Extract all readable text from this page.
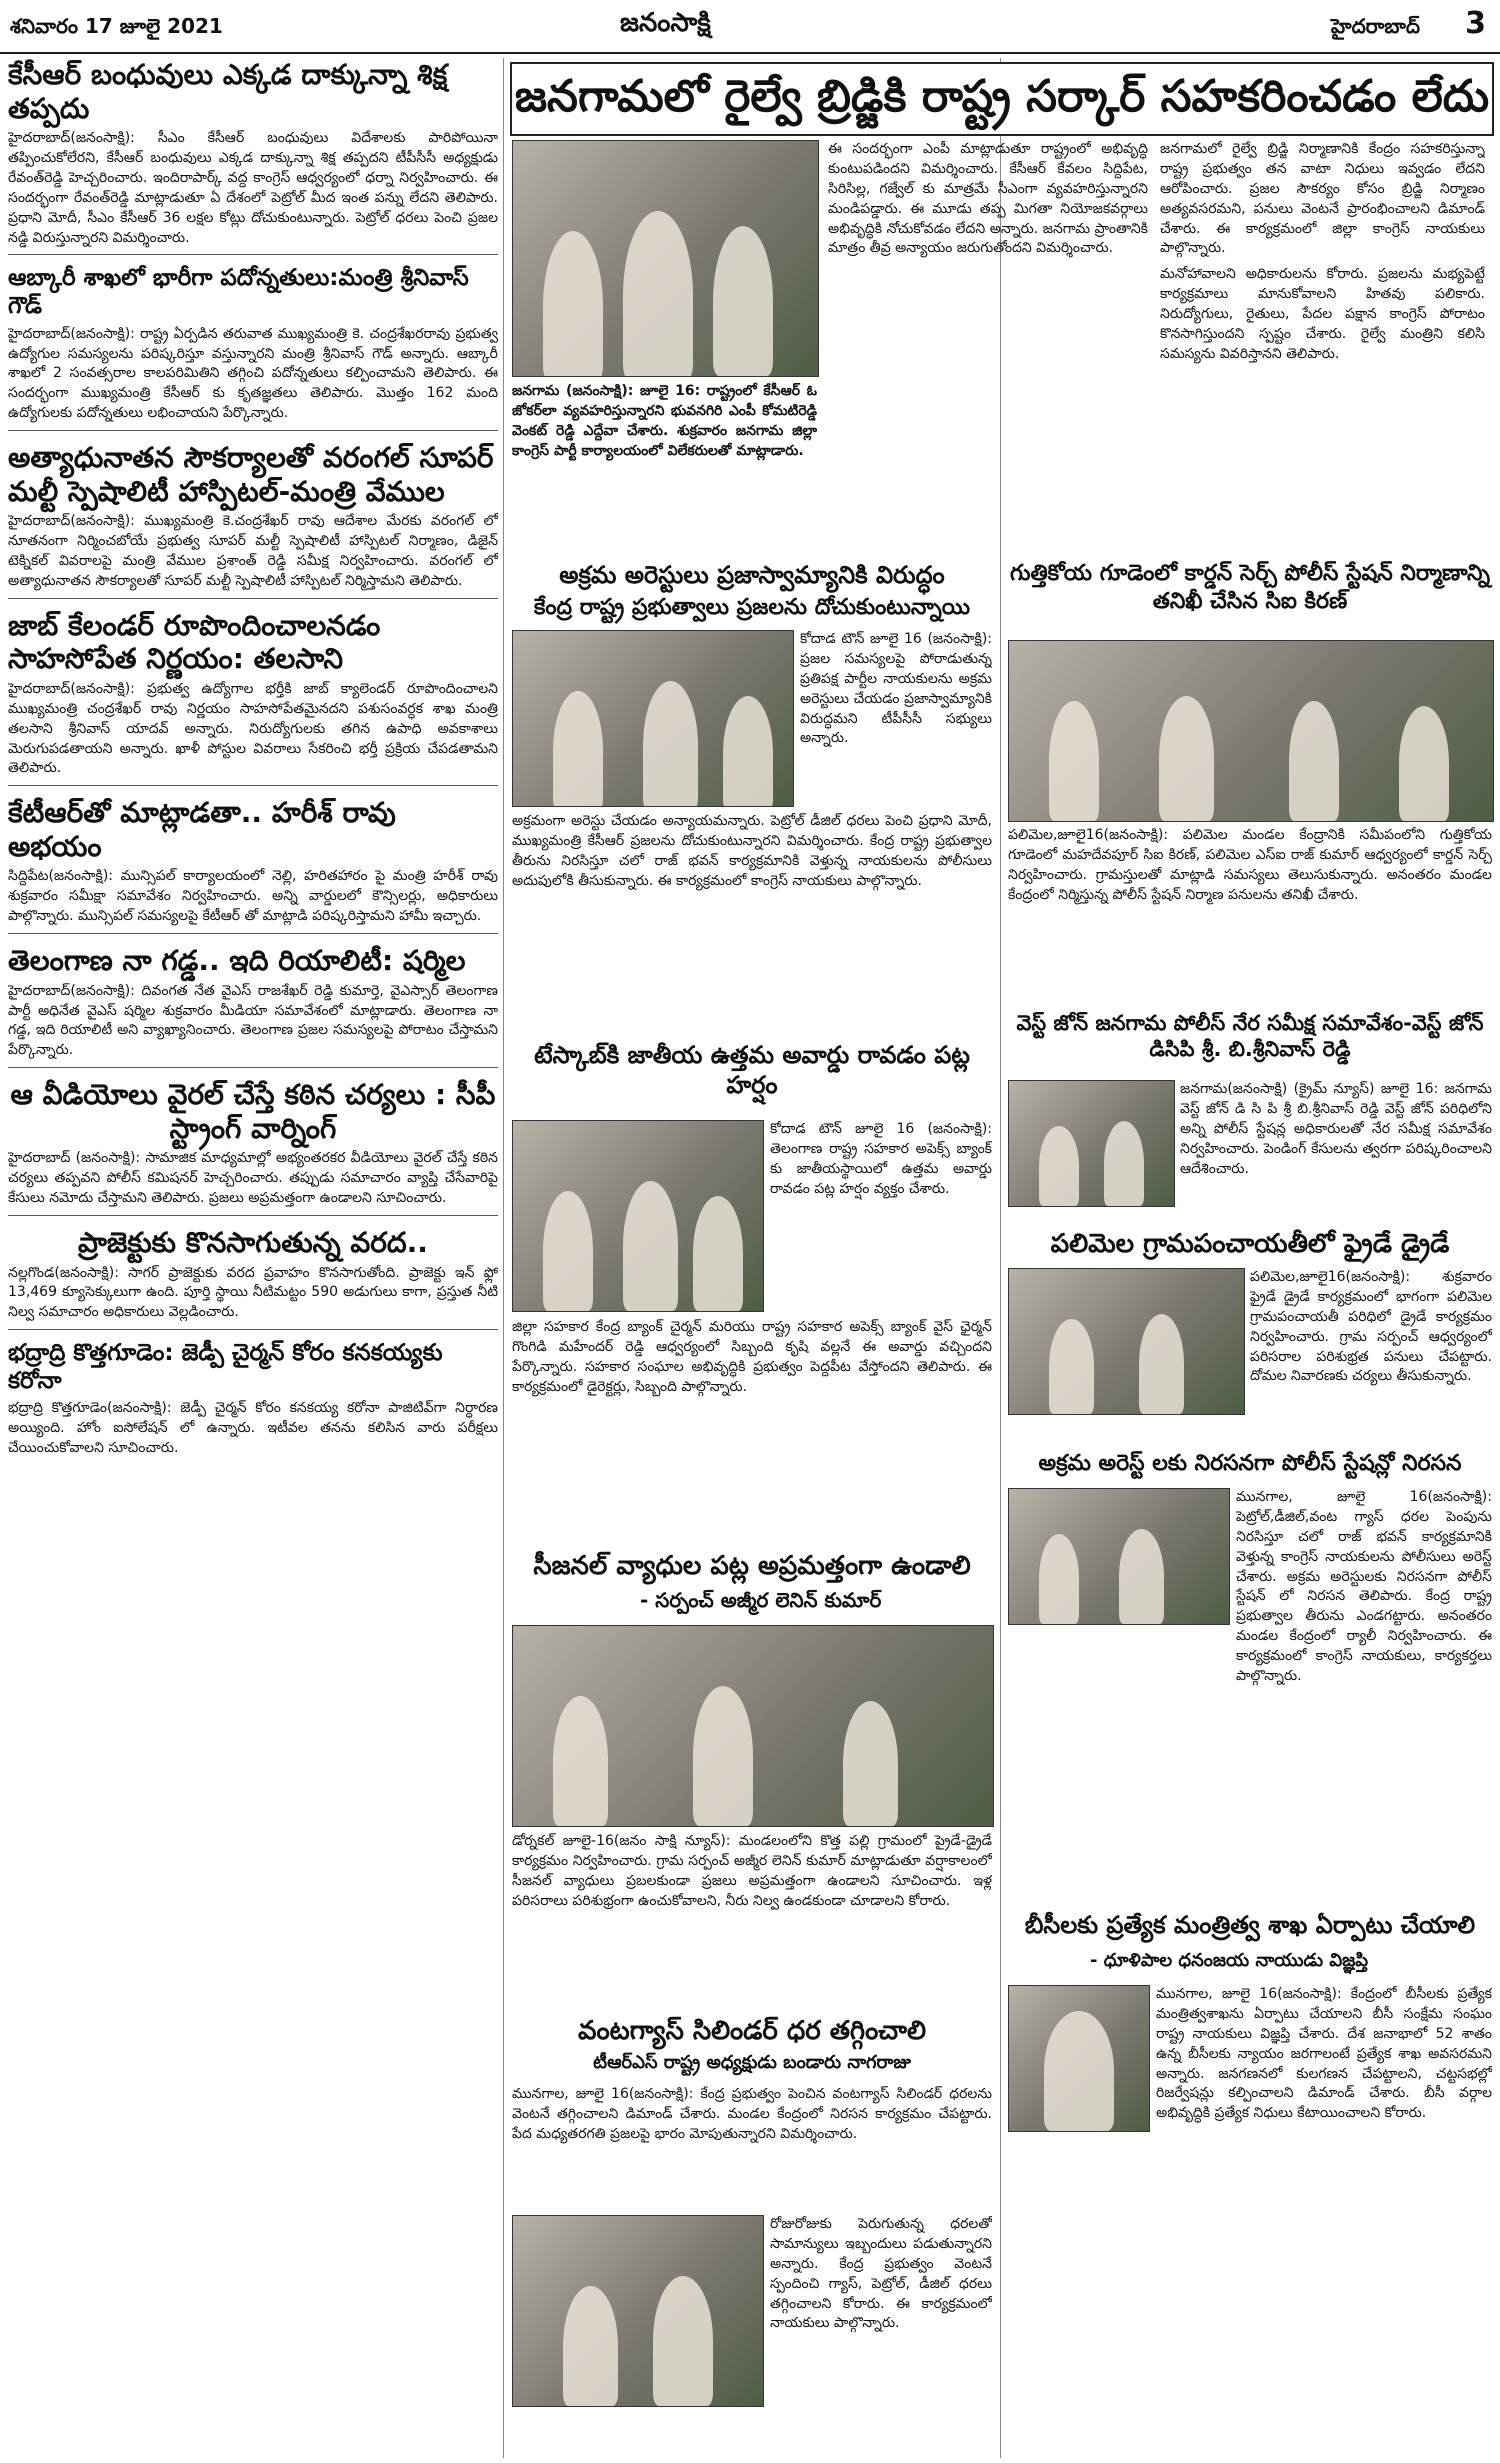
శనివారం 17 జూలై 2021	జనంసాక్షి	హైదరాబాద్ 3
కేసీఆర్ బంధువులు ఎక్కడ దాక్కున్నా శిక్ష తప్పదు

హైదరాబాద్(జనంసాక్షి): సీఎం కేసీఆర్ బంధువులు విదేశాలకు పారిపోయినా తప్పించుకోలేరని, కేసీఆర్ బంధువులు ఎక్కడ దాక్కున్నా శిక్ష తప్పదని టీపీసీసీ అధ్యక్షుడు రేవంత్‌రెడ్డి హెచ్చరించారు. ఇందిరాపార్క్ వద్ద కాంగ్రెస్ ఆధ్వర్యంలో ధర్నా నిర్వహించారు. ఈ సందర్భంగా రేవంత్‌రెడ్డి మాట్లాడుతూ ఏ దేశంలో పెట్రోల్ మీద ఇంత పన్ను లేదని తెలిపారు. ప్రధాని మోదీ, సీఎం కేసీఆర్ 36 లక్షల కోట్లు దోచుకుంటున్నారు. పెట్రోల్ ధరలు పెంచి ప్రజల నడ్డి విరుస్తున్నారని విమర్శించారు.

ఆబ్కారీ శాఖలో భారీగా పదోన్నతులు:మంత్రి శ్రీనివాస్ గౌడ్

హైదరాబాద్(జనంసాక్షి): రాష్ట్ర ఏర్పడిన తరువాత ముఖ్యమంత్రి కె. చంద్రశేఖరరావు ప్రభుత్వ ఉద్యోగుల సమస్యలను పరిష్కరిస్తూ వస్తున్నారని మంత్రి శ్రీనివాస్ గౌడ్ అన్నారు. ఆబ్కారీ శాఖలో 2 సంవత్సరాల కాలపరిమితిని తగ్గించి పదోన్నతులు కల్పించామని తెలిపారు. ఈ సందర్భంగా ముఖ్యమంత్రి కేసీఆర్ కు కృతజ్ఞతలు తెలిపారు. మొత్తం 162 మంది ఉద్యోగులకు పదోన్నతులు లభించాయని పేర్కొన్నారు.

అత్యాధునాతన సౌకర్యాలతో వరంగల్ సూపర్ మల్టీ స్పెషాలిటీ హాస్పిటల్-మంత్రి వేముల

హైదరాబాద్(జనంసాక్షి): ముఖ్యమంత్రి కె.చంద్రశేఖర్ రావు ఆదేశాల మేరకు వరంగల్ లో నూతనంగా నిర్మించబోయే ప్రభుత్వ సూపర్ మల్టీ స్పెషాలిటీ హాస్పిటల్ నిర్మాణం, డిజైన్ టెక్నికల్ వివరాలపై మంత్రి వేముల ప్రశాంత్ రెడ్డి సమీక్ష నిర్వహించారు. వరంగల్ లో అత్యాధునాతన సౌకర్యాలతో సూపర్ మల్టీ స్పెషాలిటీ హాస్పిటల్ నిర్మిస్తామని తెలిపారు.

జాబ్ కేలండర్ రూపొందించాలనడం సాహసోపేత నిర్ణయం: తలసాని

హైదరాబాద్(జనంసాక్షి): ప్రభుత్వ ఉద్యోగాల భర్తీకి జాబ్ క్యాలెండర్ రూపొందించాలని ముఖ్యమంత్రి చంద్రశేఖర్ రావు నిర్ణయం సాహసోపేతమైనదని పశుసంవర్ధక శాఖ మంత్రి తలసాని శ్రీనివాస్ యాదవ్ అన్నారు. నిరుద్యోగులకు తగిన ఉపాధి అవకాశాలు మెరుగుపడతాయని అన్నారు. ఖాళీ పోస్టుల వివరాలు సేకరించి భర్తీ ప్రక్రియ చేపడతామని తెలిపారు.

కేటీఆర్‌తో మాట్లాడతా.. హరీశ్ రావు అభయం

సిద్దిపేట(జనంసాక్షి): మున్సిపల్ కార్యాలయంలో నెల్లి, హరితహారం పై మంత్రి హరీశ్ రావు శుక్రవారం సమీక్షా సమావేశం నిర్వహించారు. అన్ని వార్డులలో కౌన్సిలర్లు, అధికారులు పాల్గొన్నారు. మున్సిపల్ సమస్యలపై కేటీఆర్ తో మాట్లాడి పరిష్కరిస్తామని హామీ ఇచ్చారు.

తెలంగాణ నా గడ్డ.. ఇది రియాలిటీ: షర్మిల

హైదరాబాద్(జనంసాక్షి): దివంగత నేత వైఎస్ రాజశేఖర్ రెడ్డి కుమార్తె, వైఎస్సార్ తెలంగాణ పార్టీ అధినేత వైఎస్ షర్మిల శుక్రవారం మీడియా సమావేశంలో మాట్లాడారు. తెలంగాణ నా గడ్డ, ఇది రియాలిటీ అని వ్యాఖ్యానించారు. తెలంగాణ ప్రజల సమస్యలపై పోరాటం చేస్తామని పేర్కొన్నారు.

ఆ వీడియోలు వైరల్ చేస్తే కఠిన చర్యలు : సీపీ స్ట్రాంగ్ వార్నింగ్

హైదరాబాద్ (జనంసాక్షి): సామాజిక మాధ్యమాల్లో అభ్యంతరకర వీడియోలు వైరల్ చేస్తే కఠిన చర్యలు తప్పవని పోలీస్ కమిషనర్ హెచ్చరించారు. తప్పుడు సమాచారం వ్యాప్తి చేసేవారిపై కేసులు నమోదు చేస్తామని తెలిపారు. ప్రజలు అప్రమత్తంగా ఉండాలని సూచించారు.

ప్రాజెక్టుకు కొనసాగుతున్న వరద..

నల్లగొండ(జనంసాక్షి): సాగర్ ప్రాజెక్టుకు వరద ప్రవాహం కొనసాగుతోంది. ప్రాజెక్టు ఇన్ ఫ్లో 13,469 క్యూసెక్కులుగా ఉంది. పూర్తి స్థాయి నీటిమట్టం 590 అడుగులు కాగా, ప్రస్తుత నీటి నిల్వ సమాచారం అధికారులు వెల్లడించారు.

భద్రాద్రి కొత్తగూడెం: జెడ్పీ చైర్మన్ కోరం కనకయ్యకు కరోనా

భద్రాద్రి కొత్తగూడెం(జనంసాక్షి): జెడ్పీ చైర్మన్ కోరం కనకయ్య కరోనా పాజిటివ్‌గా నిర్ధారణ అయ్యింది. హోం ఐసోలేషన్ లో ఉన్నారు. ఇటీవల తనను కలిసిన వారు పరీక్షలు చేయించుకోవాలని సూచించారు.

జనగామలో రైల్వే బ్రిడ్జికి రాష్ట్ర సర్కార్ సహకరించడం లేదు

జనగామ (జనంసాక్షి): జూలై 16: రాష్ట్రంలో కేసీఆర్ ఓ జోకర్‌లా వ్యవహరిస్తున్నారని భువనగిరి ఎంపీ కోమటిరెడ్డి వెంకట్ రెడ్డి ఎద్దేవా చేశారు. శుక్రవారం జనగామ జిల్లా కాంగ్రెస్ పార్టీ కార్యాలయంలో విలేకరులతో మాట్లాడారు.

ఈ సందర్భంగా ఎంపీ మాట్లాడుతూ రాష్ట్రంలో అభివృద్ధి కుంటుపడిందని విమర్శించారు. కేసీఆర్ కేవలం సిద్దిపేట, సిరిసిల్ల, గజ్వేల్ కు మాత్రమే సీఎంగా వ్యవహరిస్తున్నారని మండిపడ్డారు. ఈ మూడు తప్ప మిగతా నియోజకవర్గాలు అభివృద్ధికి నోచుకోవడం లేదని అన్నారు. జనగామ ప్రాంతానికి మాత్రం తీవ్ర అన్యాయం జరుగుతోందని విమర్శించారు.

జనగామలో రైల్వే బ్రిడ్జి నిర్మాణానికి కేంద్రం సహకరిస్తున్నా రాష్ట్ర ప్రభుత్వం తన వాటా నిధులు ఇవ్వడం లేదని ఆరోపించారు. ప్రజల సౌకర్యం కోసం బ్రిడ్జి నిర్మాణం అత్యవసరమని, పనులు వెంటనే ప్రారంభించాలని డిమాండ్ చేశారు. ఈ కార్యక్రమంలో జిల్లా కాంగ్రెస్ నాయకులు పాల్గొన్నారు.

మనోహావాలని అధికారులను కోరారు. ప్రజలను మభ్యపెట్టే కార్యక్రమాలు మానుకోవాలని హితవు పలికారు. నిరుద్యోగులు, రైతులు, పేదల పక్షాన కాంగ్రెస్ పోరాటం కొనసాగిస్తుందని స్పష్టం చేశారు. రైల్వే మంత్రిని కలిసి సమస్యను వివరిస్తానని తెలిపారు.

అక్రమ అరెస్టులు ప్రజాస్వామ్యానికి విరుద్ధం
కేంద్ర రాష్ట్ర ప్రభుత్వాలు ప్రజలను దోచుకుంటున్నాయి

కోదాడ టౌన్ జూలై 16 (జనంసాక్షి): ప్రజల సమస్యలపై పోరాడుతున్న ప్రతిపక్ష పార్టీల నాయకులను అక్రమ అరెస్టులు చేయడం ప్రజాస్వామ్యానికి విరుద్ధమని టీపీసీసీ సభ్యులు అన్నారు.

అక్రమంగా అరెస్టు చేయడం అన్యాయమన్నారు. పెట్రోల్ డీజిల్ ధరలు పెంచి ప్రధాని మోదీ, ముఖ్యమంత్రి కేసీఆర్ ప్రజలను దోచుకుంటున్నారని విమర్శించారు. కేంద్ర రాష్ట్ర ప్రభుత్వాల తీరును నిరసిస్తూ చలో రాజ్ భవన్ కార్యక్రమానికి వెళ్తున్న నాయకులను పోలీసులు అదుపులోకి తీసుకున్నారు. ఈ కార్యక్రమంలో కాంగ్రెస్ నాయకులు పాల్గొన్నారు.

టేస్కాబ్‌కి జాతీయ ఉత్తమ అవార్డు రావడం పట్ల హర్షం

కోదాడ టౌన్ జూలై 16 (జనంసాక్షి): తెలంగాణ రాష్ట్ర సహకార అపెక్స్ బ్యాంక్ కు జాతీయస్థాయిలో ఉత్తమ అవార్డు రావడం పట్ల హర్షం వ్యక్తం చేశారు.

జిల్లా సహకార కేంద్ర బ్యాంక్ చైర్మన్ మరియు రాష్ట్ర సహకార అపెక్స్ బ్యాంక్ వైస్ ఛైర్మన్ గొంగిడి మహేందర్ రెడ్డి ఆధ్వర్యంలో సిబ్బంది కృషి వల్లనే ఈ అవార్డు వచ్చిందని పేర్కొన్నారు. సహకార సంఘాల అభివృద్ధికి ప్రభుత్వం పెద్దపీట వేస్తోందని తెలిపారు. ఈ కార్యక్రమంలో డైరెక్టర్లు, సిబ్బంది పాల్గొన్నారు.

సీజనల్ వ్యాధుల పట్ల అప్రమత్తంగా ఉండాలి
- సర్పంచ్ అజ్మీర లెనిన్ కుమార్

డోర్నకల్ జూలై-16(జనం సాక్షి న్యూస్): మండలంలోని కొత్త పల్లి గ్రామంలో ప్రైడే-డ్రైడే కార్యక్రమం నిర్వహించారు. గ్రామ సర్పంచ్ అజ్మీర లెనిన్ కుమార్ మాట్లాడుతూ వర్షాకాలంలో సీజనల్ వ్యాధులు ప్రబలకుండా ప్రజలు అప్రమత్తంగా ఉండాలని సూచించారు. ఇళ్ల పరిసరాలు పరిశుభ్రంగా ఉంచుకోవాలని, నీరు నిల్వ ఉండకుండా చూడాలని కోరారు.

వంటగ్యాస్ సిలిండర్ ధర తగ్గించాలి
టీఆర్‌ఎస్ రాష్ట్ర అధ్యక్షుడు బండారు నాగరాజు

మునగాల, జూలై 16(జనంసాక్షి): కేంద్ర ప్రభుత్వం పెంచిన వంటగ్యాస్ సిలిండర్ ధరలను వెంటనే తగ్గించాలని డిమాండ్ చేశారు. మండల కేంద్రంలో నిరసన కార్యక్రమం చేపట్టారు. పేద మధ్యతరగతి ప్రజలపై భారం మోపుతున్నారని విమర్శించారు.

రోజురోజుకు పెరుగుతున్న ధరలతో సామాన్యులు ఇబ్బందులు పడుతున్నారని అన్నారు. కేంద్ర ప్రభుత్వం వెంటనే స్పందించి గ్యాస్, పెట్రోల్, డీజిల్ ధరలు తగ్గించాలని కోరారు. ఈ కార్యక్రమంలో నాయకులు పాల్గొన్నారు.

గుత్తికోయ గూడెంలో కార్డన్ సెర్చ్ పోలీస్ స్టేషన్ నిర్మాణాన్ని తనిఖీ చేసిన సిఐ కిరణ్

పలిమెల,జూలై16(జనంసాక్షి): పలిమెల మండల కేంద్రానికి సమీపంలోని గుత్తికోయ గూడెంలో మహదేవపూర్ సిఐ కిరణ్, పలిమెల ఎస్ఐ రాజ్ కుమార్ ఆధ్వర్యంలో కార్డన్ సెర్చ్ నిర్వహించారు. గ్రామస్తులతో మాట్లాడి సమస్యలు తెలుసుకున్నారు. అనంతరం మండల కేంద్రంలో నిర్మిస్తున్న పోలీస్ స్టేషన్ నిర్మాణ పనులను తనిఖీ చేశారు.

వెస్ట్ జోన్ జనగామ పోలీస్ నేర సమీక్ష సమావేశం-వెస్ట్ జోన్ డిసిపి శ్రీ. బి.శ్రీనివాస్ రెడ్డి

జనగామ(జనంసాక్షి) (క్రైమ్ న్యూస్) జూలై 16: జనగామ వెస్ట్ జోన్ డి సి పి శ్రీ బి.శ్రీనివాస్ రెడ్డి వెస్ట్ జోన్ పరిధిలోని అన్ని పోలీస్ స్టేషన్ల అధికారులతో నేర సమీక్ష సమావేశం నిర్వహించారు. పెండింగ్ కేసులను త్వరగా పరిష్కరించాలని ఆదేశించారు.

పలిమెల గ్రామపంచాయతీలో ఫ్రైడే డ్రైడే

పలిమెల,జూలై16(జనంసాక్షి): శుక్రవారం ఫ్రైడే డ్రైడే కార్యక్రమంలో భాగంగా పలిమెల గ్రామపంచాయతీ పరిధిలో డ్రైడే కార్యక్రమం నిర్వహించారు. గ్రామ సర్పంచ్ ఆధ్వర్యంలో పరిసరాల పరిశుభ్రత పనులు చేపట్టారు. దోమల నివారణకు చర్యలు తీసుకున్నారు.

అక్రమ అరెస్ట్ లకు నిరసనగా పోలీస్ స్టేషన్లో నిరసన

మునగాల, జూలై 16(జనంసాక్షి): పెట్రోల్,డీజిల్,వంట గ్యాస్ ధరల పెంపును నిరసిస్తూ చలో రాజ్ భవన్ కార్యక్రమానికి వెళ్తున్న కాంగ్రెస్ నాయకులను పోలీసులు అరెస్ట్ చేశారు. అక్రమ అరెస్టులకు నిరసనగా పోలీస్ స్టేషన్ లో నిరసన తెలిపారు. కేంద్ర రాష్ట్ర ప్రభుత్వాల తీరును ఎండగట్టారు. అనంతరం మండల కేంద్రంలో ర్యాలీ నిర్వహించారు. ఈ కార్యక్రమంలో కాంగ్రెస్ నాయకులు, కార్యకర్తలు పాల్గొన్నారు.

బీసీలకు ప్రత్యేక మంత్రిత్వ శాఖ ఏర్పాటు చేయాలి
- ధూళిపాల ధనంజయ నాయుడు విజ్ఞప్తి

మునగాల, జూలై 16(జనంసాక్షి): కేంద్రంలో బీసీలకు ప్రత్యేక మంత్రిత్వశాఖను ఏర్పాటు చేయాలని బీసీ సంక్షేమ సంఘం రాష్ట్ర నాయకులు విజ్ఞప్తి చేశారు. దేశ జనాభాలో 52 శాతం ఉన్న బీసీలకు న్యాయం జరగాలంటే ప్రత్యేక శాఖ అవసరమని అన్నారు. జనగణనలో కులగణన చేపట్టాలని, చట్టసభల్లో రిజర్వేషన్లు కల్పించాలని డిమాండ్ చేశారు. బీసీ వర్గాల అభివృద్ధికి ప్రత్యేక నిధులు కేటాయించాలని కోరారు.
